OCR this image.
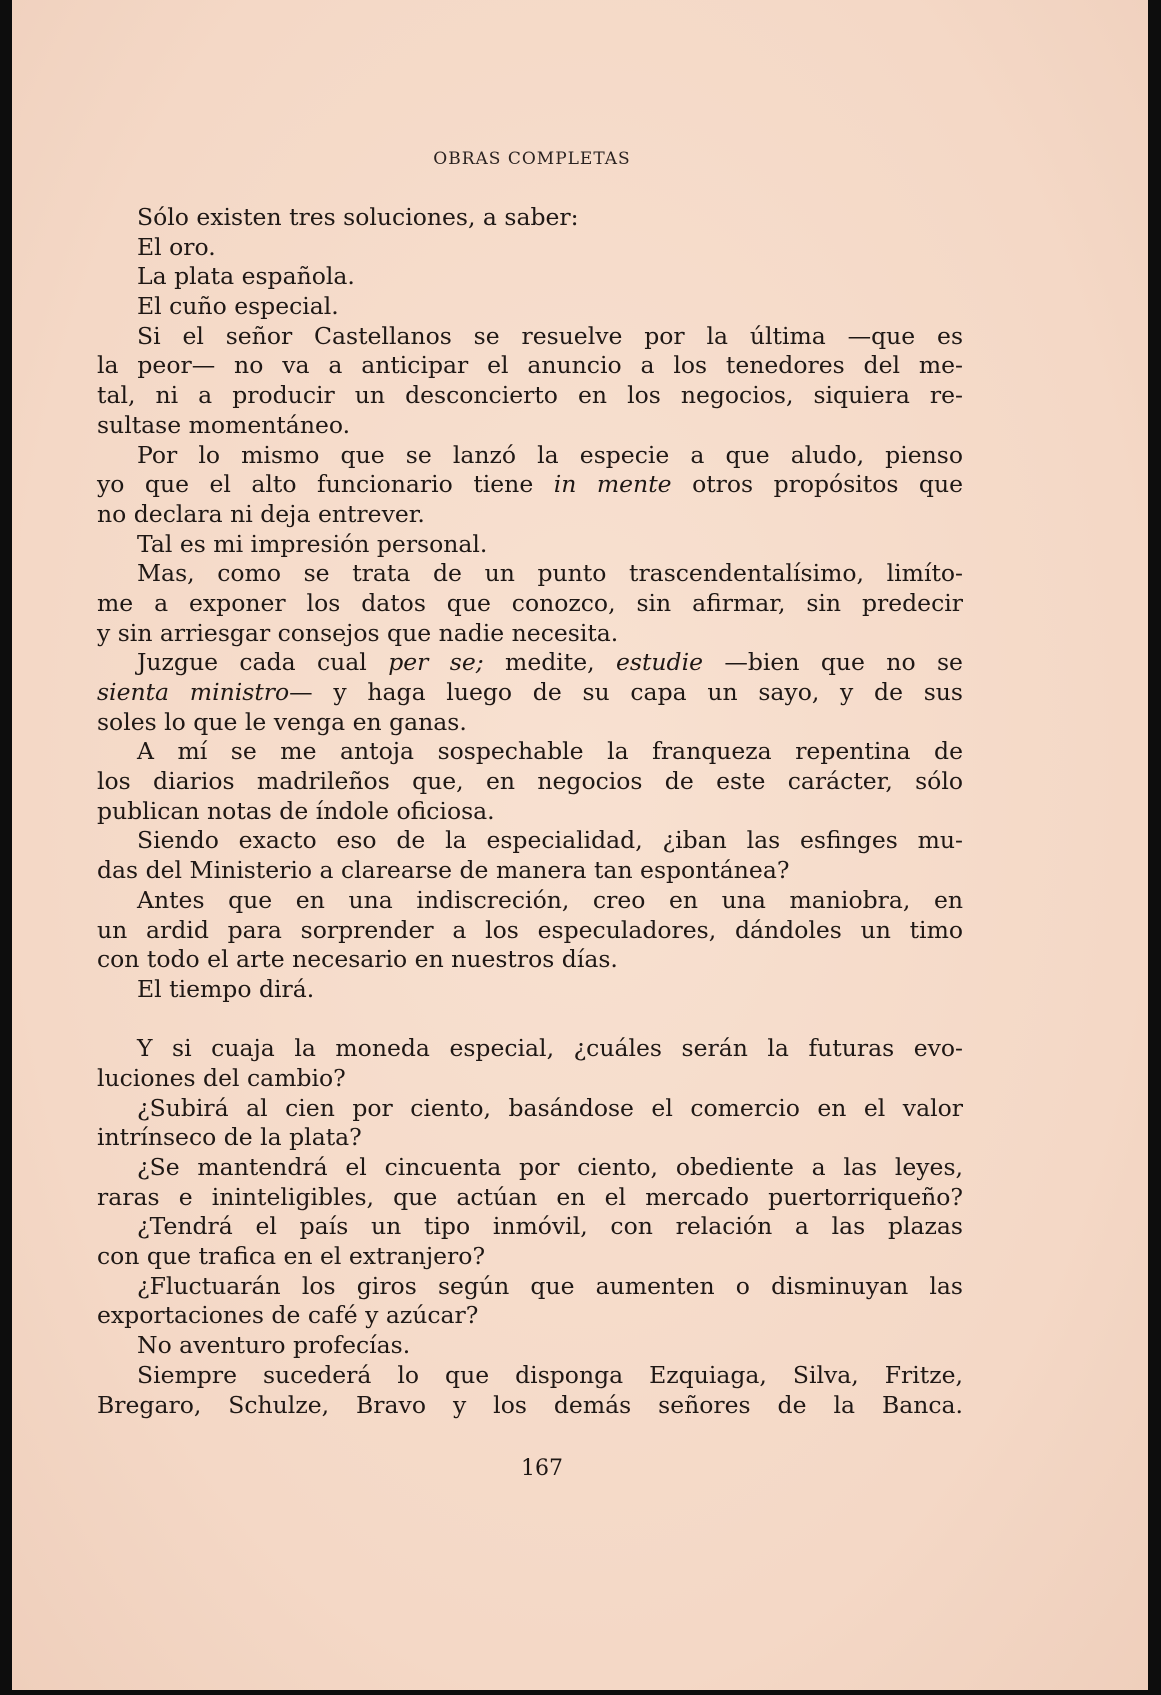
OBRAS COMPLETAS
Sólo existen tres soluciones, a saber:
El oro.
La plata española.
El cuño especial.
Si el señor Castellanos se resuelve por la última —que es
la peor— no va a anticipar el anuncio a los tenedores del me-
tal, ni a producir un desconcierto en los negocios, siquiera re-
sultase momentáneo.
Por lo mismo que se lanzó la especie a que aludo, pienso
yo que el alto funcionario tiene in mente otros propósitos que
no declara ni deja entrever.
Tal es mi impresión personal.
Mas, como se trata de un punto trascendentalísimo, limíto-
me a exponer los datos que conozco, sin afirmar, sin predecir
y sin arriesgar consejos que nadie necesita.
Juzgue cada cual per se; medite, estudie —bien que no se
sienta ministro— y haga luego de su capa un sayo, y de sus
soles lo que le venga en ganas.
A mí se me antoja sospechable la franqueza repentina de
los diarios madrileños que, en negocios de este carácter, sólo
publican notas de índole oficiosa.
Siendo exacto eso de la especialidad, ¿iban las esfinges mu-
das del Ministerio a clarearse de manera tan espontánea?
Antes que en una indiscreción, creo en una maniobra, en
un ardid para sorprender a los especuladores, dándoles un timo
con todo el arte necesario en nuestros días.
El tiempo dirá.
Y si cuaja la moneda especial, ¿cuáles serán la futuras evo-
luciones del cambio?
¿Subirá al cien por ciento, basándose el comercio en el valor
intrínseco de la plata?
¿Se mantendrá el cincuenta por ciento, obediente a las leyes,
raras e ininteligibles, que actúan en el mercado puertorriqueño?
¿Tendrá el país un tipo inmóvil, con relación a las plazas
con que trafica en el extranjero?
¿Fluctuarán los giros según que aumenten o disminuyan las
exportaciones de café y azúcar?
No aventuro profecías.
Siempre sucederá lo que disponga Ezquiaga, Silva, Fritze,
Bregaro, Schulze, Bravo y los demás señores de la Banca.
167
